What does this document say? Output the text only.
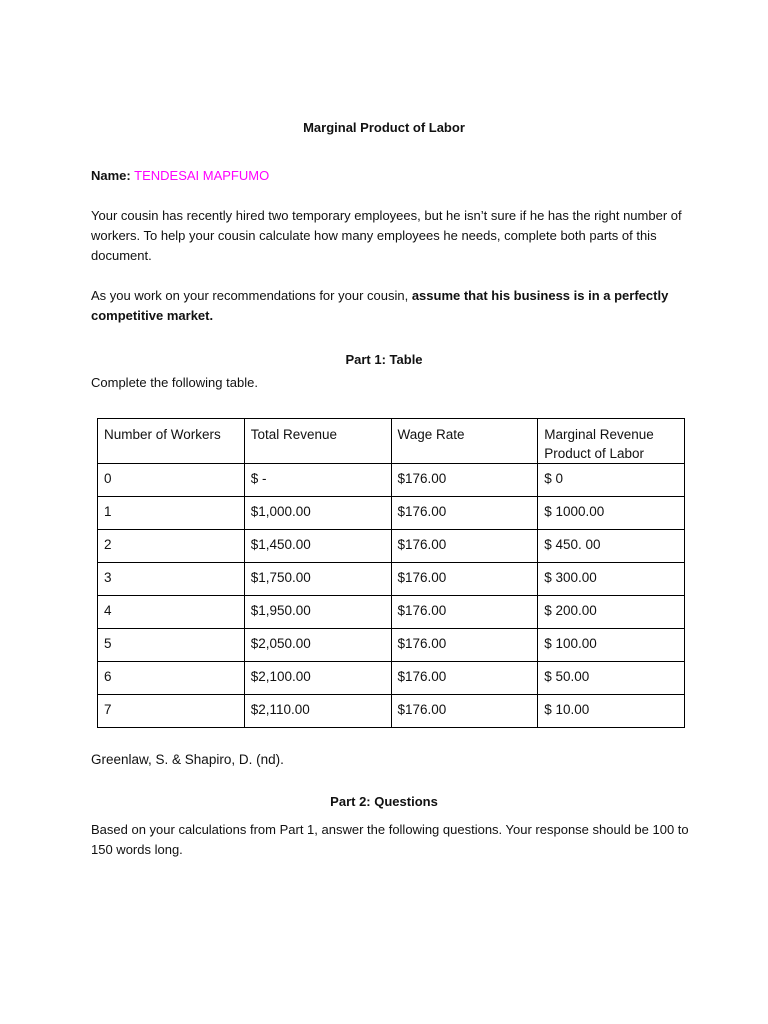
Marginal Product of Labor
Name: TENDESAI MAPFUMO
Your cousin has recently hired two temporary employees, but he isn’t sure if he has the right number of workers. To help your cousin calculate how many employees he needs, complete both parts of this document.
As you work on your recommendations for your cousin, assume that his business is in a perfectly competitive market.
Part 1: Table
Complete the following table.
Number of Workers	Total Revenue	Wage Rate	Marginal Revenue Product of Labor
0	$ -	$176.00	$ 0
1	$1,000.00	$176.00	$ 1000.00
2	$1,450.00	$176.00	$ 450. 00
3	$1,750.00	$176.00	$ 300.00
4	$1,950.00	$176.00	$ 200.00
5	$2,050.00	$176.00	$ 100.00
6	$2,100.00	$176.00	$ 50.00
7	$2,110.00	$176.00	$ 10.00
Greenlaw, S. & Shapiro, D. (nd).
Part 2: Questions
Based on your calculations from Part 1, answer the following questions. Your response should be 100 to 150 words long.
